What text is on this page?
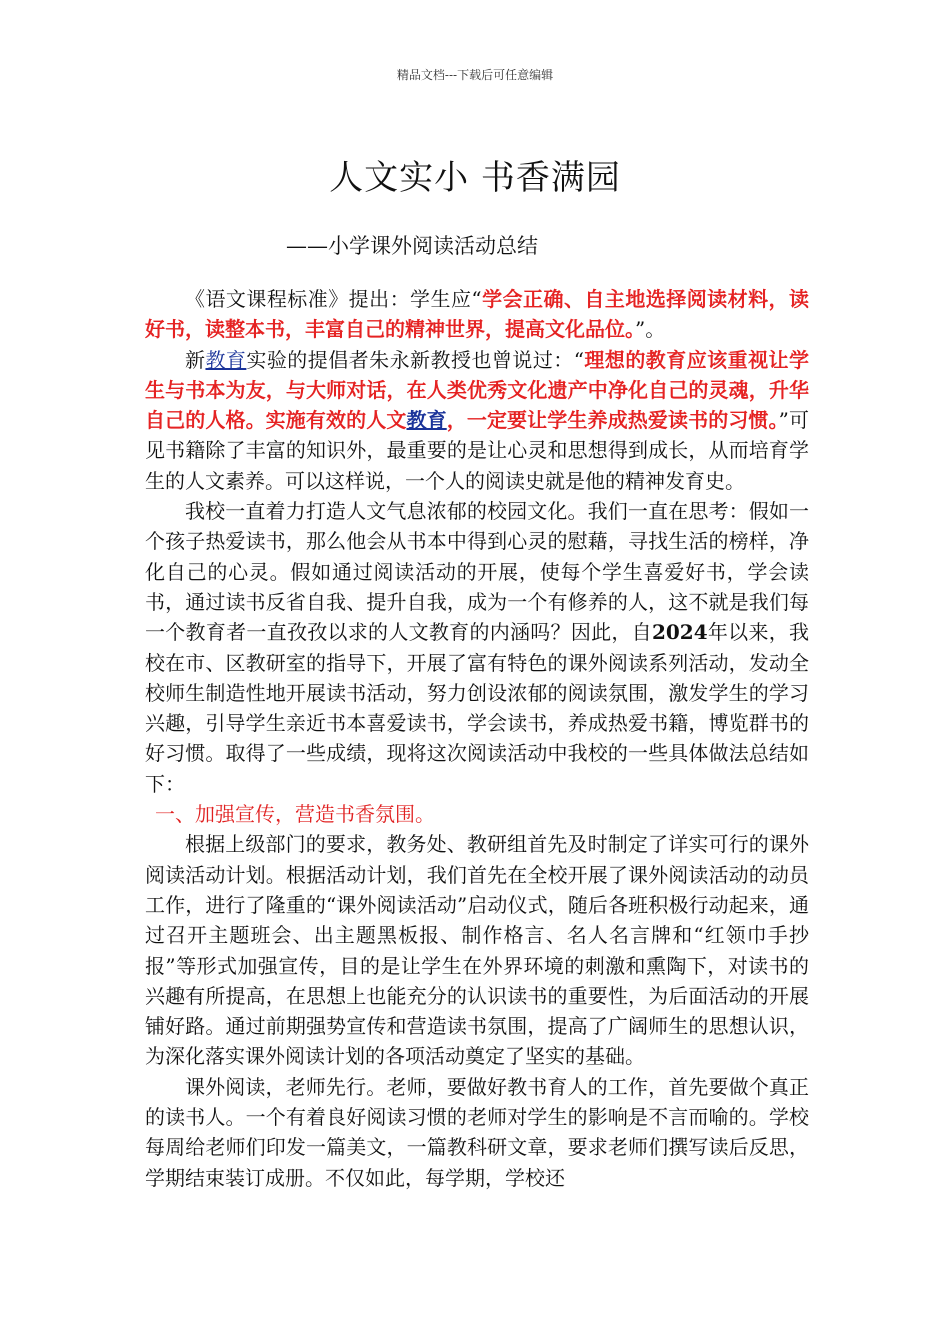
精品文档---下载后可任意编辑
人文实小 书香满园
——小学课外阅读活动总结

《语文课程标准》提出：学生应“学会正确、自主地选择阅读材料，读好书，读整本书，丰富自己的精神世界，提高文化品位。”。

新教育实验的提倡者朱永新教授也曾说过：“理想的教育应该重视让学生与书本为友，与大师对话，在人类优秀文化遗产中净化自己的灵魂，升华自己的人格。实施有效的人文教育，一定要让学生养成热爱读书的习惯。”可见书籍除了丰富的知识外，最重要的是让心灵和思想得到成长，从而培育学生的人文素养。可以这样说，一个人的阅读史就是他的精神发育史。

我校一直着力打造人文气息浓郁的校园文化。我们一直在思考：假如一个孩子热爱读书，那么他会从书本中得到心灵的慰藉，寻找生活的榜样，净化自己的心灵。假如通过阅读活动的开展，使每个学生喜爱好书，学会读书，通过读书反省自我、提升自我，成为一个有修养的人，这不就是我们每一个教育者一直孜孜以求的人文教育的内涵吗？因此，自2024年以来，我校在市、区教研室的指导下，开展了富有特色的课外阅读系列活动，发动全校师生制造性地开展读书活动，努力创设浓郁的阅读氛围，激发学生的学习兴趣，引导学生亲近书本喜爱读书，学会读书，养成热爱书籍，博览群书的好习惯。取得了一些成绩，现将这次阅读活动中我校的一些具体做法总结如下：

一、加强宣传，营造书香氛围。

根据上级部门的要求，教务处、教研组首先及时制定了详实可行的课外阅读活动计划。根据活动计划，我们首先在全校开展了课外阅读活动的动员工作，进行了隆重的“课外阅读活动”启动仪式，随后各班积极行动起来，通过召开主题班会、出主题黑板报、制作格言、名人名言牌和“红领巾手抄报”等形式加强宣传，目的是让学生在外界环境的刺激和熏陶下，对读书的兴趣有所提高，在思想上也能充分的认识读书的重要性，为后面活动的开展铺好路。通过前期强势宣传和营造读书氛围，提高了广阔师生的思想认识，为深化落实课外阅读计划的各项活动奠定了坚实的基础。

课外阅读，老师先行。老师，要做好教书育人的工作，首先要做个真正的读书人。一个有着良好阅读习惯的老师对学生的影响是不言而喻的。学校每周给老师们印发一篇美文，一篇教科研文章，要求老师们撰写读后反思，学期结束装订成册。不仅如此，每学期，学校还
